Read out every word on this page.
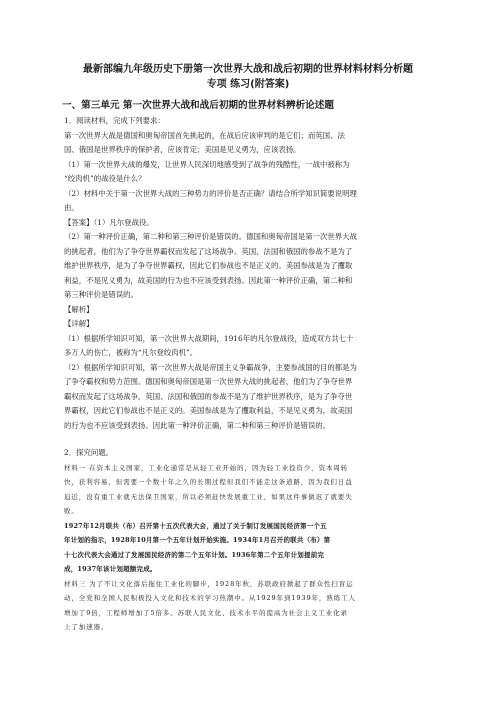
最新部编九年级历史下册第一次世界大战和战后初期的世界材料材料分析题
专项 练习(附答案)
一、第三单元 第一次世界大战和战后初期的世界材料辨析论述题

1．阅读材料，完成下列要求：

第一次世界大战是德国和奥匈帝国首先挑起的，在战后应该审判的是它们；而英国、法

国、俄国是世界秩序的保护者，应该肯定；美国是见义勇为，应该表扬。

（1）第一次世界大战的爆发，让世界人民深切地感受到了战争的残酷性，一战中被称为

“绞肉机”的战役是什么？

（2）材料中关于第一次世界大战的三种势力的评价是否正确？请结合所学知识简要说明理

由。

【答案】（1）凡尔登战役。

（2）第一种评价正确，第二种和第三种评价是错误的。德国和奥匈帝国是第一次世界大战

的挑起者，他们为了争夺世界霸权而发起了这场战争。英国、法国和俄国的参战不是为了

维护世界秩序，是为了争夺世界霸权，因此它们参战也不是正义的。美国参战是为了攫取

利益，不是见义勇为，故美国的行为也不应该受到表扬。因此第一种评价正确，第二种和

第三种评价是错误的。

【解析】

【详解】

（1）根据所学知识可知，第一次世界大战期间，1916年的凡尔登战役，造成双方共七十

多万人的伤亡，被称为“凡尔登绞肉机”。

（2）根据所学知识可知，第一次世界大战是帝国主义争霸战争，主要参战国的目的都是为

了争夺霸权和势力范围。德国和奥匈帝国是第一次世界大战的挑起者，他们为了争夺世界

霸权而发起了这场战争。英国、法国和俄国的参战不是为了维护世界秩序，是为了争夺世

界霸权，因此它们参战也不是正义的。美国参战是为了攫取利益，不是见义勇为，故美国

的行为也不应该受到表扬。因此第一种评价正确，第二种和第三种评价是错误的。

2．探究问题。

材料一 在资本主义国家，工业化通常是从轻工业开始的，因为轻工业投资少，资本周转

快，获利容易，但需要一个数十年之久的长期过程但我们不能走这条道路，因为我们日益

迫近，没有重工业就无法保卫国家，所以必须赶快发展重工业，如果这件事做迟了就要失

败。

1927年12月联共（布）召开第十五次代表大会，通过了关于制订发展国民经济第一个五

年计划的指示，1928年10月第一个五年计划开始实施。1934年1月召开的联共（布）第

十七次代表大会通过了发展国民经济的第二个五年计划。1936年第二个五年计划提前完

成，1937年该计划超额完成。

材料三 为了不让文化落后拖住工业化的脚步，1928年秋，苏联政府掀起了群众性扫盲运

动，全党和全国人民积极投入文化和技术的学习热潮中。从1929年到1939年，熟练工人

增加了9倍，工程师增加了5倍多。苏联人民文化、技术水平的提高为社会主义工业化录

上了加速器。
